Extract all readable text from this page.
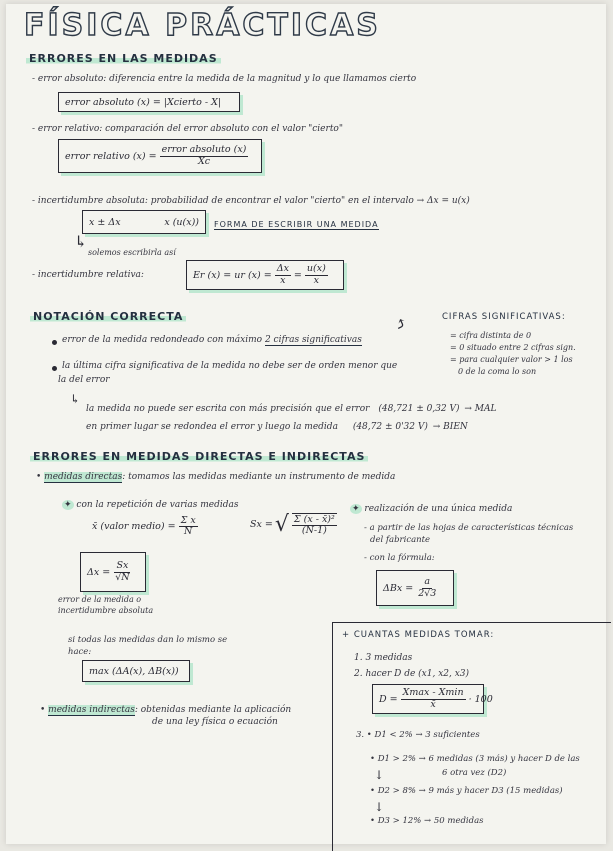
FÍSICA PRÁCTICAS
ERRORES EN LAS MEDIDAS
- error absoluto: diferencia entre la medida de la magnitud y lo que llamamos cierto
error absoluto (x) = |Xcierto - X|
- error relativo: comparación del error absoluto con el valor "cierto"
error relativo $(x) = \frac{\text{error absoluto (x)}}{Xc}$
- incertidumbre absoluta: probabilidad de encontrar el valor "cierto" en el intervalo → Δx = u(x)
x ± Δx	x (u(x)) FORMA DE ESCRIBIR UNA MEDIDA
↳
solemos escribirla así
- incertidumbre relativa:	Er (x) = ur $(x) = \frac{\Delta x}{x} = \frac{u(x)}{x}$
NOTACIÓN CORRECTA
error de la medida redondeado con máximo 2 cifras significativas
⤴	CIFRAS SIGNIFICATIVAS:
= cifra distinta de 0
= 0 situado entre 2 cifras sign.
= para cualquier valor > 1 los
0 de la coma lo son
la última cifra significativa de la medida no debe ser de orden menor que
la del error
↳
la medida no puede ser escrita con más precisión que el error (48,721 ± 0,32 V) → MAL
en primer lugar se redondea el error y luego la medida (48,72 ± 0'32 V) → BIEN
ERRORES EN MEDIDAS DIRECTAS E INDIRECTAS
• medidas directas: tomamos las medidas mediante un instrumento de medida
✦ con la repetición de varias medidas
x̄ (valor medio) = $\frac{\text{Σ x}}{N}$	Sx = √ $\frac{\text{Σ (x - x̄)²}}{(N-1)}$
$\Delta x = \frac{Sx}{√N}$
error de la medida o
incertidumbre absoluta
si todas las medidas dan lo mismo se
hace:
max (ΔA(x), ΔB(x))
✦ realización de una única medida
- a partir de las hojas de características técnicas
del fabricante
- con la fórmula:
$\Delta Bx = \frac{a}{2√3}$
• medidas indirectas: obtenidas mediante la aplicación
de una ley física o ecuación
+ CUANTAS MEDIDAS TOMAR:
1. 3 medidas
2. hacer D de (x1, x2, x3)
$D = \frac{Xmax - Xmin}{x̄} \cdot 100$
3. • D1 < 2% → 3 suficientes
• D1 > 2% → 6 medidas (3 más) y hacer D de las
6 otra vez (D2)
↓
• D2 > 8% → 9 más y hacer D3 (15 medidas)
↓
• D3 > 12% → 50 medidas
